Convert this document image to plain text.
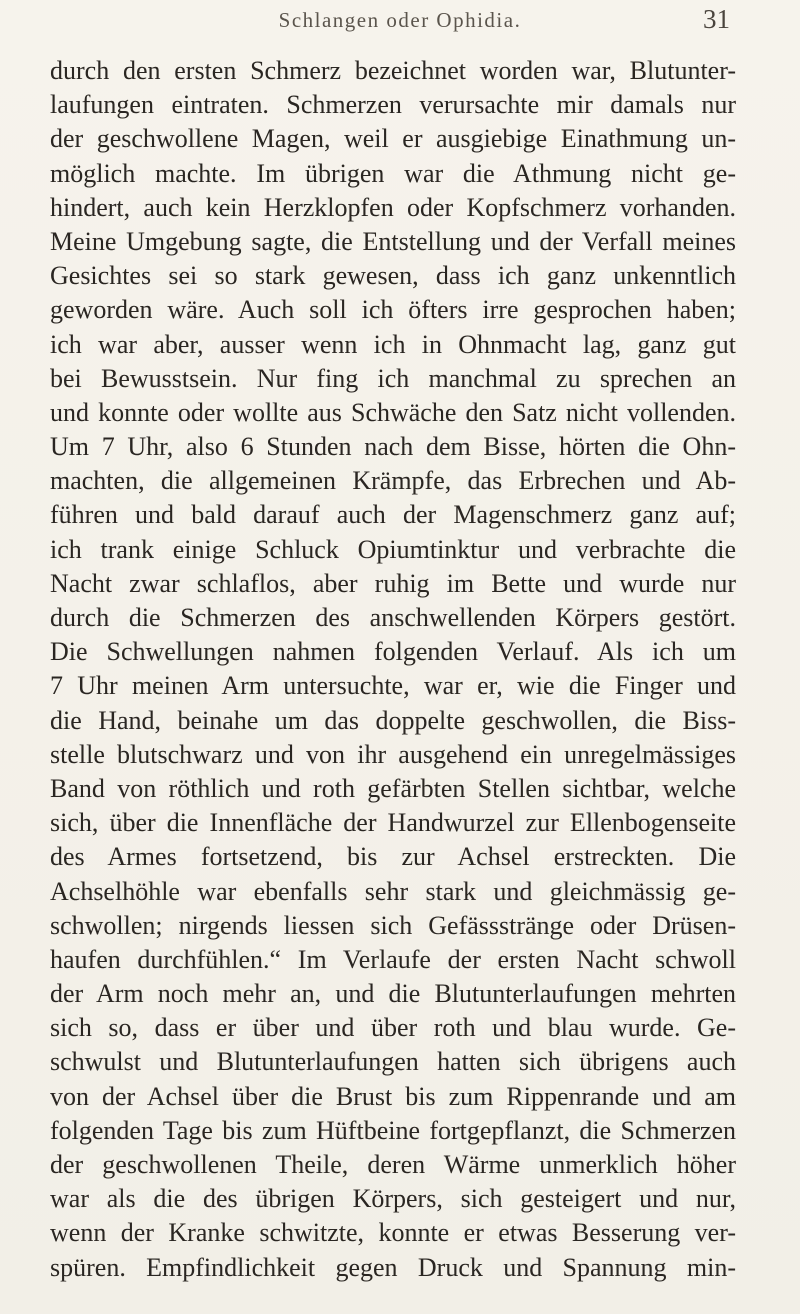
Schlangen oder Ophidia.	31
durch den ersten Schmerz bezeichnet worden war, Blutunter-
laufungen eintraten. Schmerzen verursachte mir damals nur
der geschwollene Magen, weil er ausgiebige Einathmung un-
möglich machte. Im übrigen war die Athmung nicht ge-
hindert, auch kein Herzklopfen oder Kopfschmerz vorhanden.
Meine Umgebung sagte, die Entstellung und der Verfall meines
Gesichtes sei so stark gewesen, dass ich ganz unkenntlich
geworden wäre. Auch soll ich öfters irre gesprochen haben;
ich war aber, ausser wenn ich in Ohnmacht lag, ganz gut
bei Bewusstsein. Nur fing ich manchmal zu sprechen an
und konnte oder wollte aus Schwäche den Satz nicht vollenden.
Um 7 Uhr, also 6 Stunden nach dem Bisse, hörten die Ohn-
machten, die allgemeinen Krämpfe, das Erbrechen und Ab-
führen und bald darauf auch der Magenschmerz ganz auf;
ich trank einige Schluck Opiumtinktur und verbrachte die
Nacht zwar schlaflos, aber ruhig im Bette und wurde nur
durch die Schmerzen des anschwellenden Körpers gestört.
Die Schwellungen nahmen folgenden Verlauf. Als ich um
7 Uhr meinen Arm untersuchte, war er, wie die Finger und
die Hand, beinahe um das doppelte geschwollen, die Biss-
stelle blutschwarz und von ihr ausgehend ein unregelmässiges
Band von röthlich und roth gefärbten Stellen sichtbar, welche
sich, über die Innenfläche der Handwurzel zur Ellenbogenseite
des Armes fortsetzend, bis zur Achsel erstreckten. Die
Achselhöhle war ebenfalls sehr stark und gleichmässig ge-
schwollen; nirgends liessen sich Gefässstränge oder Drüsen-
haufen durchfühlen.“ Im Verlaufe der ersten Nacht schwoll
der Arm noch mehr an, und die Blutunterlaufungen mehrten
sich so, dass er über und über roth und blau wurde. Ge-
schwulst und Blutunterlaufungen hatten sich übrigens auch
von der Achsel über die Brust bis zum Rippenrande und am
folgenden Tage bis zum Hüftbeine fortgepflanzt, die Schmerzen
der geschwollenen Theile, deren Wärme unmerklich höher
war als die des übrigen Körpers, sich gesteigert und nur,
wenn der Kranke schwitzte, konnte er etwas Besserung ver-
spüren. Empfindlichkeit gegen Druck und Spannung min-
